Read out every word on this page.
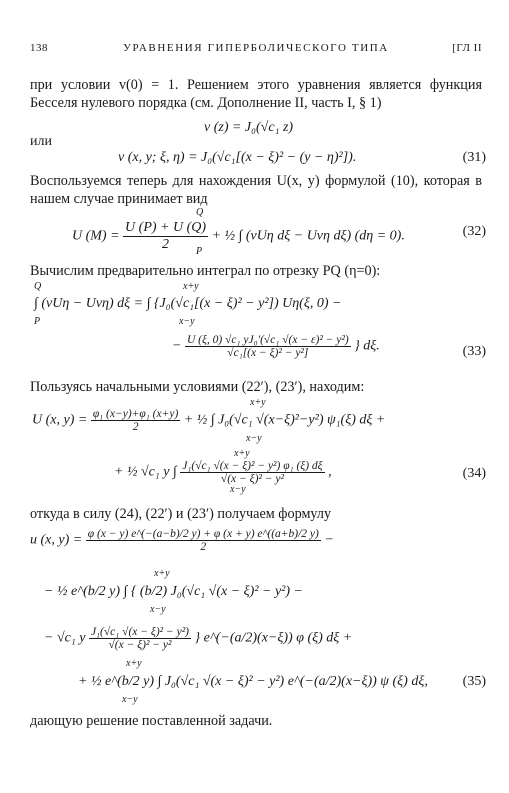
138	УРАВНЕНИЯ ГИПЕРБОЛИЧЕСКОГО ТИПА	[ГЛ II
при условии v(0) = 1. Решением этого уравнения является функция Бесселя нулевого порядка (см. Дополнение II, часть I, § 1)
v (z) = J₀(√c₁ z)
или
v (x, y; ξ, η) = J₀(√c₁[(x − ξ)² − (y − η)²]).	(31)
Воспользуемся теперь для нахождения U(x, y) формулой (10), которая в нашем случае принимает вид
U $(M) = \frac{U (P) + U (Q)}{2}$ + ½ ∫ (vUη dξ − Uvη dξ) (dη = 0).
Q
P
(32)
Вычислим предварительно интеграл по отрезку PQ (η=0):
Q
P
x+y
x−y
∫ (vUη − Uvη) dξ = ∫ {J₀(√c₁[(x − ξ)² − y²]) Uη(ξ, 0) −
− $\frac{\text{U (ξ, 0) √c₁ yJ₀′(√c₁ √(x − ε)² − y²)}}{\text{√c₁[(x − ξ)² − y²]}}$ } dξ.	(33)
Пользуясь начальными условиями (22′), (23′), находим:
x+y
x−y
U (x, $y) = \frac{\text{φ₁ (x−y)+φ₁ (x+y)}}{2}$ + ½ ∫ J₀(√c₁ √(x−ξ)²−y²) ψ₁(ξ) dξ +
x+y
x−y
+ ½ √c₁ y ∫ $\frac{\text{J₁(√c₁ √(x − ξ)² − y²) φ₁ (ξ) dξ}}{\text{√(x − ξ)² − y²}}$ ,	(34)
откуда в силу (24), (22′) и (23′) получаем формулу
u (x, $y) = \frac{\varphi (x - y) e\^{}(-(a-b)/2 y) + \varphi (x + y) e\^{}((a+b)/2 y)}{2}$ −
x+y
x−y
− ½ e^(b/2 y) ∫ { (b/2) J₀(√c₁ √(x − ξ)² − y²) −
− √c₁ y $\frac{\text{J₁(√c₁ √(x − ξ)² − y²)}}{\text{√(x − ξ)² − y²}}$ } e^(−(a/2)(x−ξ)) φ (ξ) dξ +
x+y
x−y
+ ½ e^(b/2 y) ∫ J₀(√c₁ √(x − ξ)² − y²) e^(−(a/2)(x−ξ)) ψ (ξ) dξ,	(35)
дающую решение поставленной задачи.
